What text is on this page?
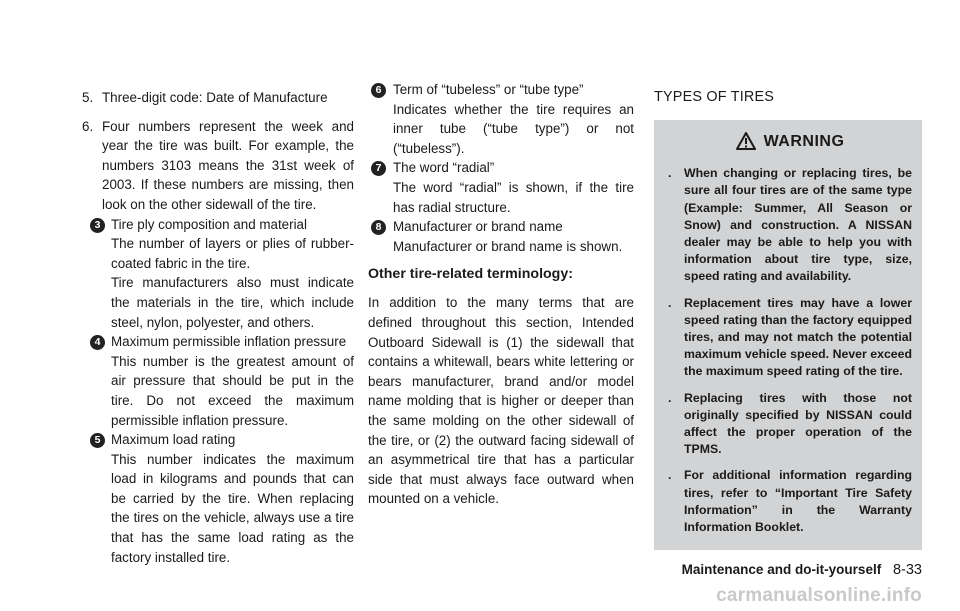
5. Three-digit code: Date of Manufacture
6. Four numbers represent the week and year the tire was built. For example, the numbers 3103 means the 31st week of 2003. If these numbers are missing, then look on the other sidewall of the tire.
3 Tire ply composition and material
The number of layers or plies of rubber-coated fabric in the tire.
Tire manufacturers also must indicate the materials in the tire, which include steel, nylon, polyester, and others.
4 Maximum permissible inflation pressure
This number is the greatest amount of air pressure that should be put in the tire. Do not exceed the maximum permissible inflation pressure.
5 Maximum load rating
This number indicates the maximum load in kilograms and pounds that can be carried by the tire. When replacing the tires on the vehicle, always use a tire that has the same load rating as the factory installed tire.
6 Term of “tubeless” or “tube type”
Indicates whether the tire requires an inner tube (“tube type”) or not (“tubeless”).
7 The word “radial”
The word “radial” is shown, if the tire has radial structure.
8 Manufacturer or brand name
Manufacturer or brand name is shown.
Other tire-related terminology:

In addition to the many terms that are defined throughout this section, Intended Outboard Sidewall is (1) the sidewall that contains a whitewall, bears white lettering or bears manufacturer, brand and/or model name molding that is higher or deeper than the same molding on the other sidewall of the tire, or (2) the outward facing sidewall of an asymmetrical tire that has a particular side that must always face outward when mounted on a vehicle.

TYPES OF TIRES
WARNING
. When changing or replacing tires, be sure all four tires are of the same type (Example: Summer, All Season or Snow) and construction. A NISSAN dealer may be able to help you with information about tire type, size, speed rating and availability.
. Replacement tires may have a lower speed rating than the factory equipped tires, and may not match the potential maximum vehicle speed. Never exceed the maximum speed rating of the tire.
. Replacing tires with those not originally specified by NISSAN could affect the proper operation of the TPMS.
. For additional information regarding tires, refer to “Important Tire Safety Information” in the Warranty Information Booklet.
Maintenance and do-it-yourself 8-33
carmanualsonline.info
